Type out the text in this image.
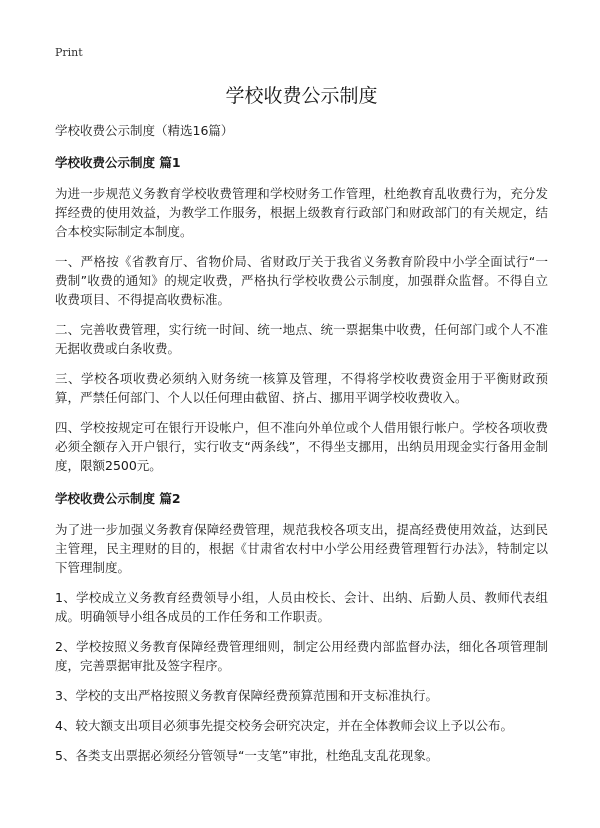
Print
学校收费公示制度
学校收费公示制度（精选16篇）
学校收费公示制度 篇1

为进一步规范义务教育学校收费管理和学校财务工作管理，杜绝教育乱收费行为，充分发挥经费的使用效益，为教学工作服务，根据上级教育行政部门和财政部门的有关规定，结合本校实际制定本制度。

一、严格按《省教育厅、省物价局、省财政厅关于我省义务教育阶段中小学全面试行“一费制”收费的通知》的规定收费，严格执行学校收费公示制度，加强群众监督。不得自立收费项目、不得提高收费标准。

二、完善收费管理，实行统一时间、统一地点、统一票据集中收费，任何部门或个人不准无据收费或白条收费。

三、学校各项收费必须纳入财务统一核算及管理，不得将学校收费资金用于平衡财政预算，严禁任何部门、个人以任何理由截留、挤占、挪用平调学校收费收入。

四、学校按规定可在银行开设帐户，但不准向外单位或个人借用银行帐户。学校各项收费必须全额存入开户银行，实行收支“两条线”，不得坐支挪用，出纳员用现金实行备用金制度，限额2500元。

学校收费公示制度 篇2

为了进一步加强义务教育保障经费管理，规范我校各项支出，提高经费使用效益，达到民主管理，民主理财的目的，根据《甘肃省农村中小学公用经费管理暂行办法》，特制定以下管理制度。

1、学校成立义务教育经费领导小组，人员由校长、会计、出纳、后勤人员、教师代表组成。明确领导小组各成员的工作任务和工作职责。

2、学校按照义务教育保障经费管理细则，制定公用经费内部监督办法，细化各项管理制度，完善票据审批及签字程序。

3、学校的支出严格按照义务教育保障经费预算范围和开支标准执行。

4、较大额支出项目必须事先提交校务会研究决定，并在全体教师会议上予以公布。

5、各类支出票据必须经分管领导“一支笔”审批，杜绝乱支乱花现象。
